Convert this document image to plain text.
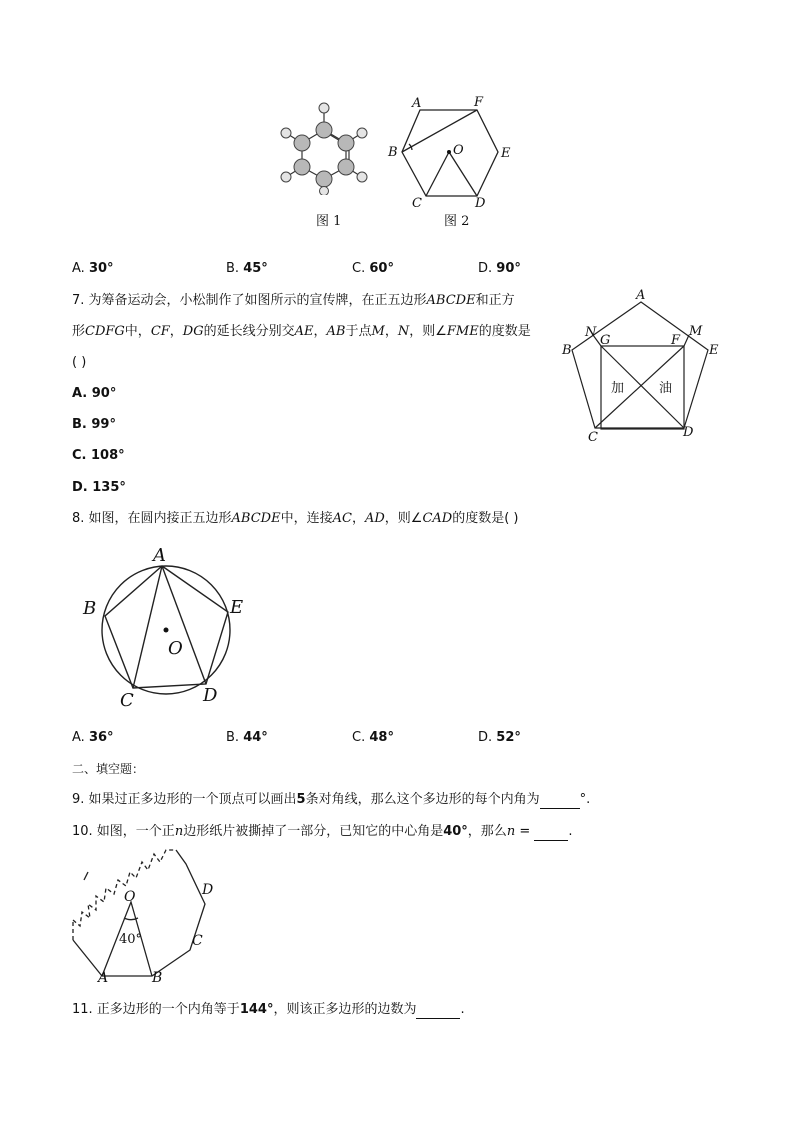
图 1
A	F
B	O	E
C	D
图 2
A. 30°	B. 45°	C. 60°	D. 90°
7. 为筹备运动会，小松制作了如图所示的宣传牌，在正五边形ABCDE和正方
形CDFG中，CF，DG的延长线分别交AE，AB于点M，N，则∠FME的度数是
( )
A. 90°
B. 99°
C. 108°
D. 135°
A
N
G	F
M
B	E
C	D
加	油
8. 如图，在圆内接正五边形ABCDE中，连接AC，AD，则∠CAD的度数是( )
A
B	E
O
C	D
A. 36°	B. 44°	C. 48°	D. 52°
二、填空题：
9. 如果过正多边形的一个顶点可以画出5条对角线，那么这个多边形的每个内角为	°.
10. 如图，一个正n边形纸片被撕掉了一部分，已知它的中心角是40°，那么n =	.
O
40°
A	B
C
D
11. 正多边形的一个内角等于144°，则该正多边形的边数为	.
